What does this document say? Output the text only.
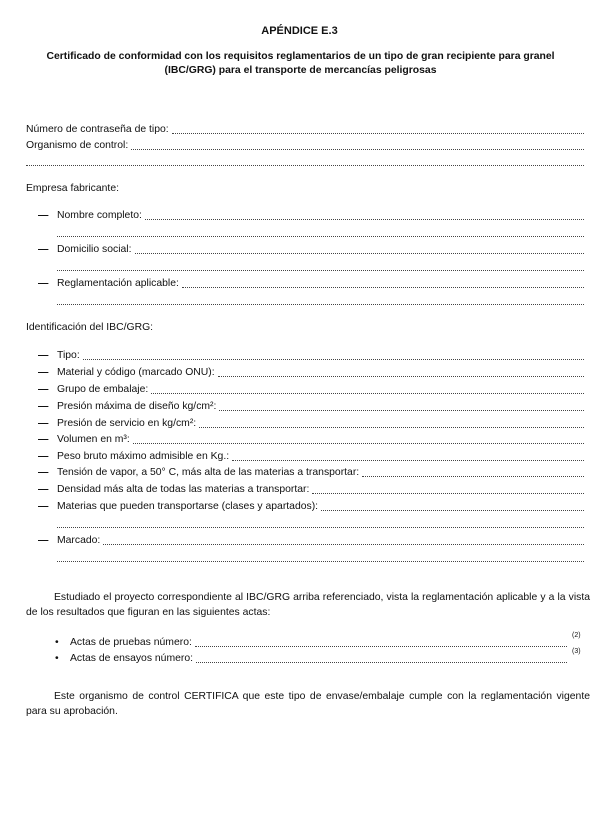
APÉNDICE E.3
Certificado de conformidad con los requisitos reglamentarios de un tipo de gran recipiente para granel (IBC/GRG) para el transporte de mercancías peligrosas
Número de contraseña de tipo:
Organismo de control:
Empresa fabricante:
— Nombre completo:
— Domicilio social:
— Reglamentación aplicable:
Identificación del IBC/GRG:
— Tipo:
— Material y código (marcado ONU):
— Grupo de embalaje:
— Presión máxima de diseño kg/cm²:
— Presión de servicio en kg/cm²:
— Volumen en m³:
— Peso bruto máximo admisible en Kg.:
— Tensión de vapor, a 50° C, más alta de las materias a transportar:
— Densidad más alta de todas las materias a transportar:
— Materias que pueden transportarse (clases y apartados):
— Marcado:
Estudiado el proyecto correspondiente al IBC/GRG arriba referenciado, vista la reglamentación aplicable y a la vista de los resultados que figuran en las siguientes actas:
• Actas de pruebas número:
(2)
• Actas de ensayos número:
(3)
Este organismo de control CERTIFICA que este tipo de envase/embalaje cumple con la reglamentación vigente para su aprobación.
